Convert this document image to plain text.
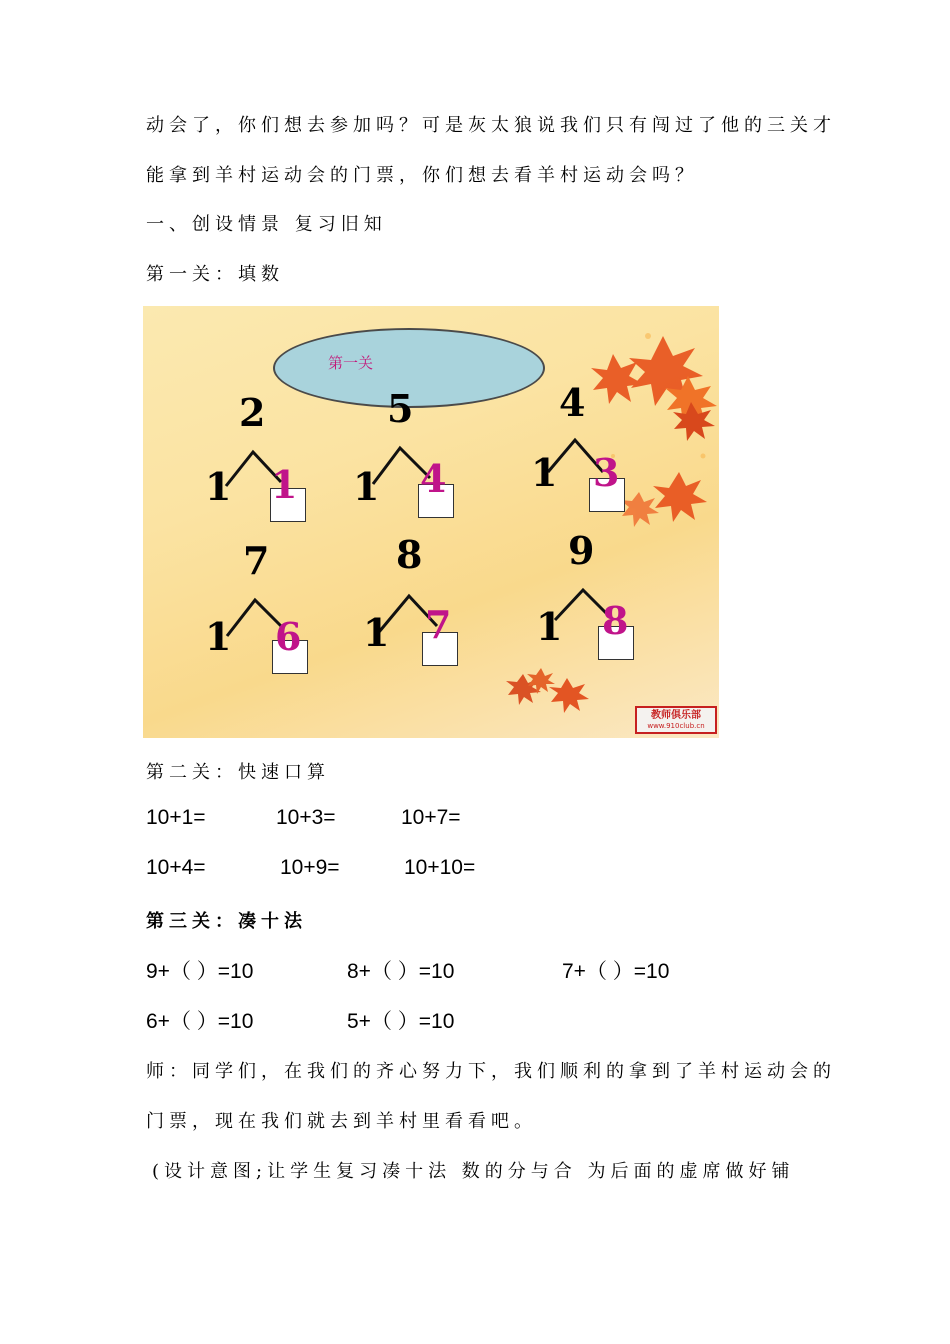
动会了，你们想去参加吗？可是灰太狼说我们只有闯过了他的三关才
能拿到羊村运动会的门票，你们想去看羊村运动会吗？
一、创设情景 复习旧知
第一关：填数
第一关
2
1 1
5
1 4
4
1 3
7
1 6
8
1 7
9
1 8
教师俱乐部
www.910club.cn
第二关：快速口算
10+1=	10+3=	10+7=
10+4=	10+9=	10+10=
第三关：凑十法
9+（ ）=10	8+（ ）=10	7+（ ）=10
6+（ ）=10	5+（ ）=10
师：同学们，在我们的齐心努力下，我们顺利的拿到了羊村运动会的
门票，现在我们就去到羊村里看看吧。
(设计意图;让学生复习凑十法 数的分与合 为后面的虚席做好铺
